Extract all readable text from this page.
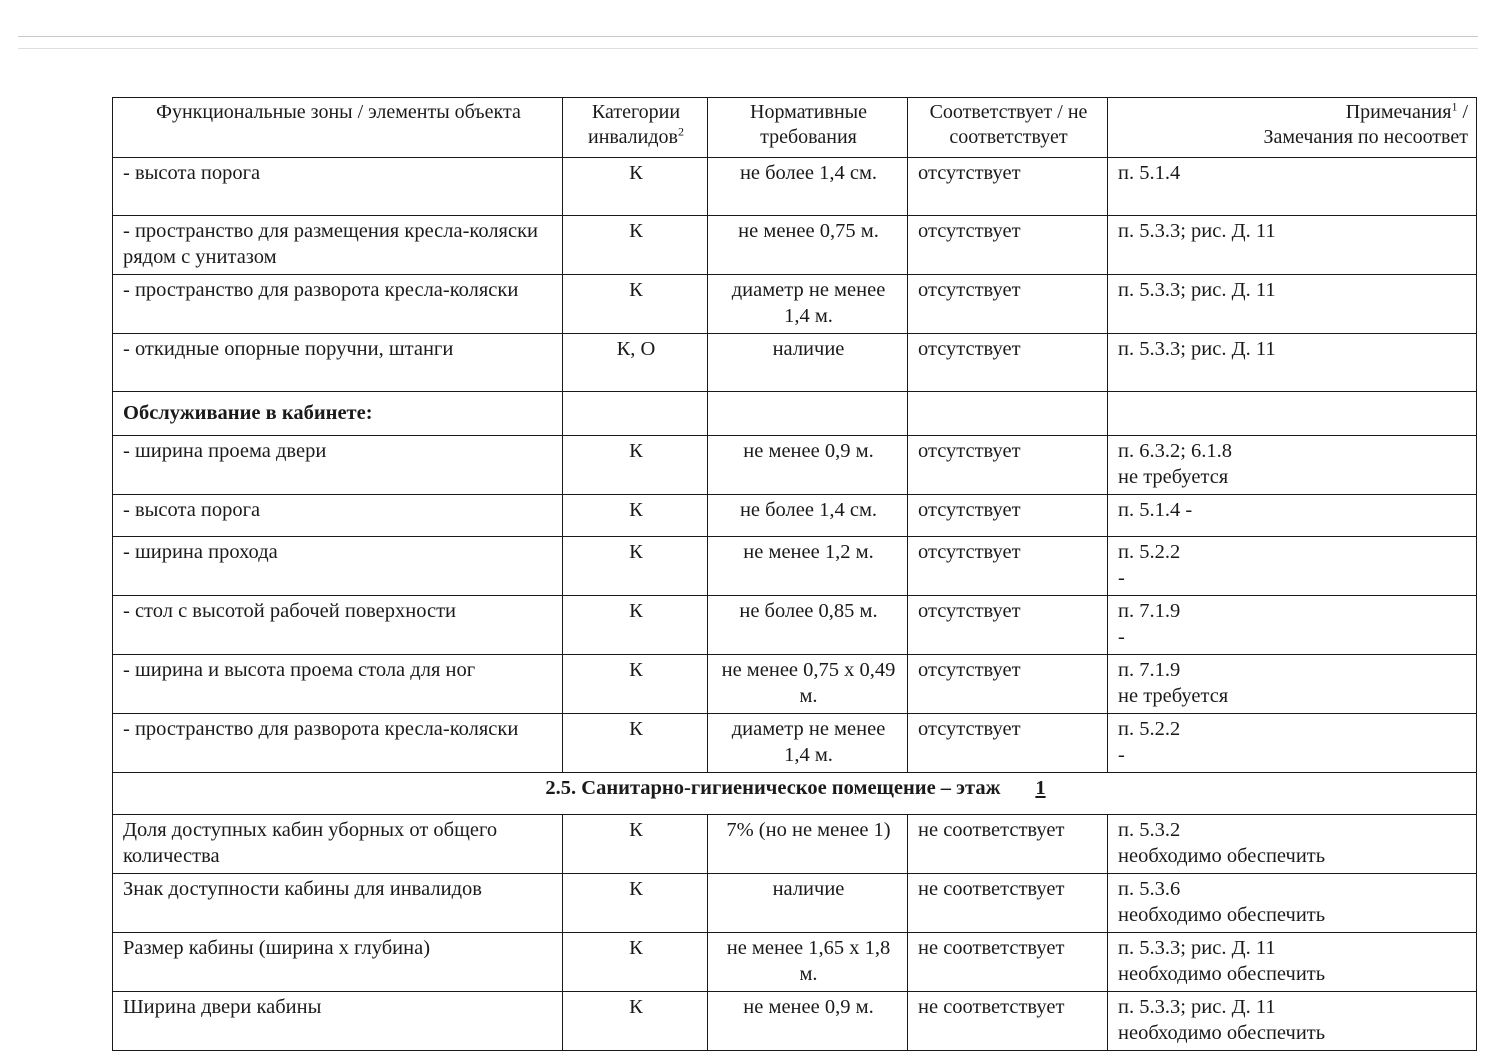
Функциональные зоны / элементы объекта	Категории инвалидов$^2$	Нормативные требования	Соответствует / не соответствует	Примечания$^1$ /
Замечания по несоответ

- высота порога	К	не более 1,4 см.	отсутствует	п. 5.1.4
- пространство для размещения кресла-коляски рядом с унитазом	К	не менее 0,75 м.	отсутствует	п. 5.3.3; рис. Д. 11
- пространство для разворота кресла-коляски	К	диаметр не менее 1,4 м.	отсутствует	п. 5.3.3; рис. Д. 11
- откидные опорные поручни, штанги	К, О	наличие	отсутствует	п. 5.3.3; рис. Д. 11
Обслуживание в кабинете:				
- ширина проема двери	К	не менее 0,9 м.	отсутствует	п. 6.3.2; 6.1.8
не требуется

- высота порога	К	не более 1,4 см.	отсутствует	п. 5.1.4 -

- ширина прохода	К	не менее 1,2 м.	отсутствует	п. 5.2.2
-

- стол с высотой рабочей поверхности	К	не более 0,85 м.	отсутствует	п. 7.1.9
-

- ширина и высота проема стола для ног	К	не менее 0,75 х 0,49 м.	отсутствует	п. 7.1.9
не требуется

- пространство для разворота кресла-коляски	К	диаметр не менее 1,4 м.	отсутствует	п. 5.2.2
-

2.5. Санитарно-гигиеническое помещение – этаж 1				
Доля доступных кабин уборных от общего количества	К	7% (но не менее 1)	не соответствует	п. 5.3.2
необходимо обеспечить

Знак доступности кабины для инвалидов	К	наличие	не соответствует	п. 5.3.6
необходимо обеспечить

Размер кабины (ширина х глубина)	К	не менее 1,65 х 1,8 м.	не соответствует	п. 5.3.3; рис. Д. 11
необходимо обеспечить

Ширина двери кабины	К	не менее 0,9 м.	не соответствует	п. 5.3.3; рис. Д. 11
необходимо обеспечить
